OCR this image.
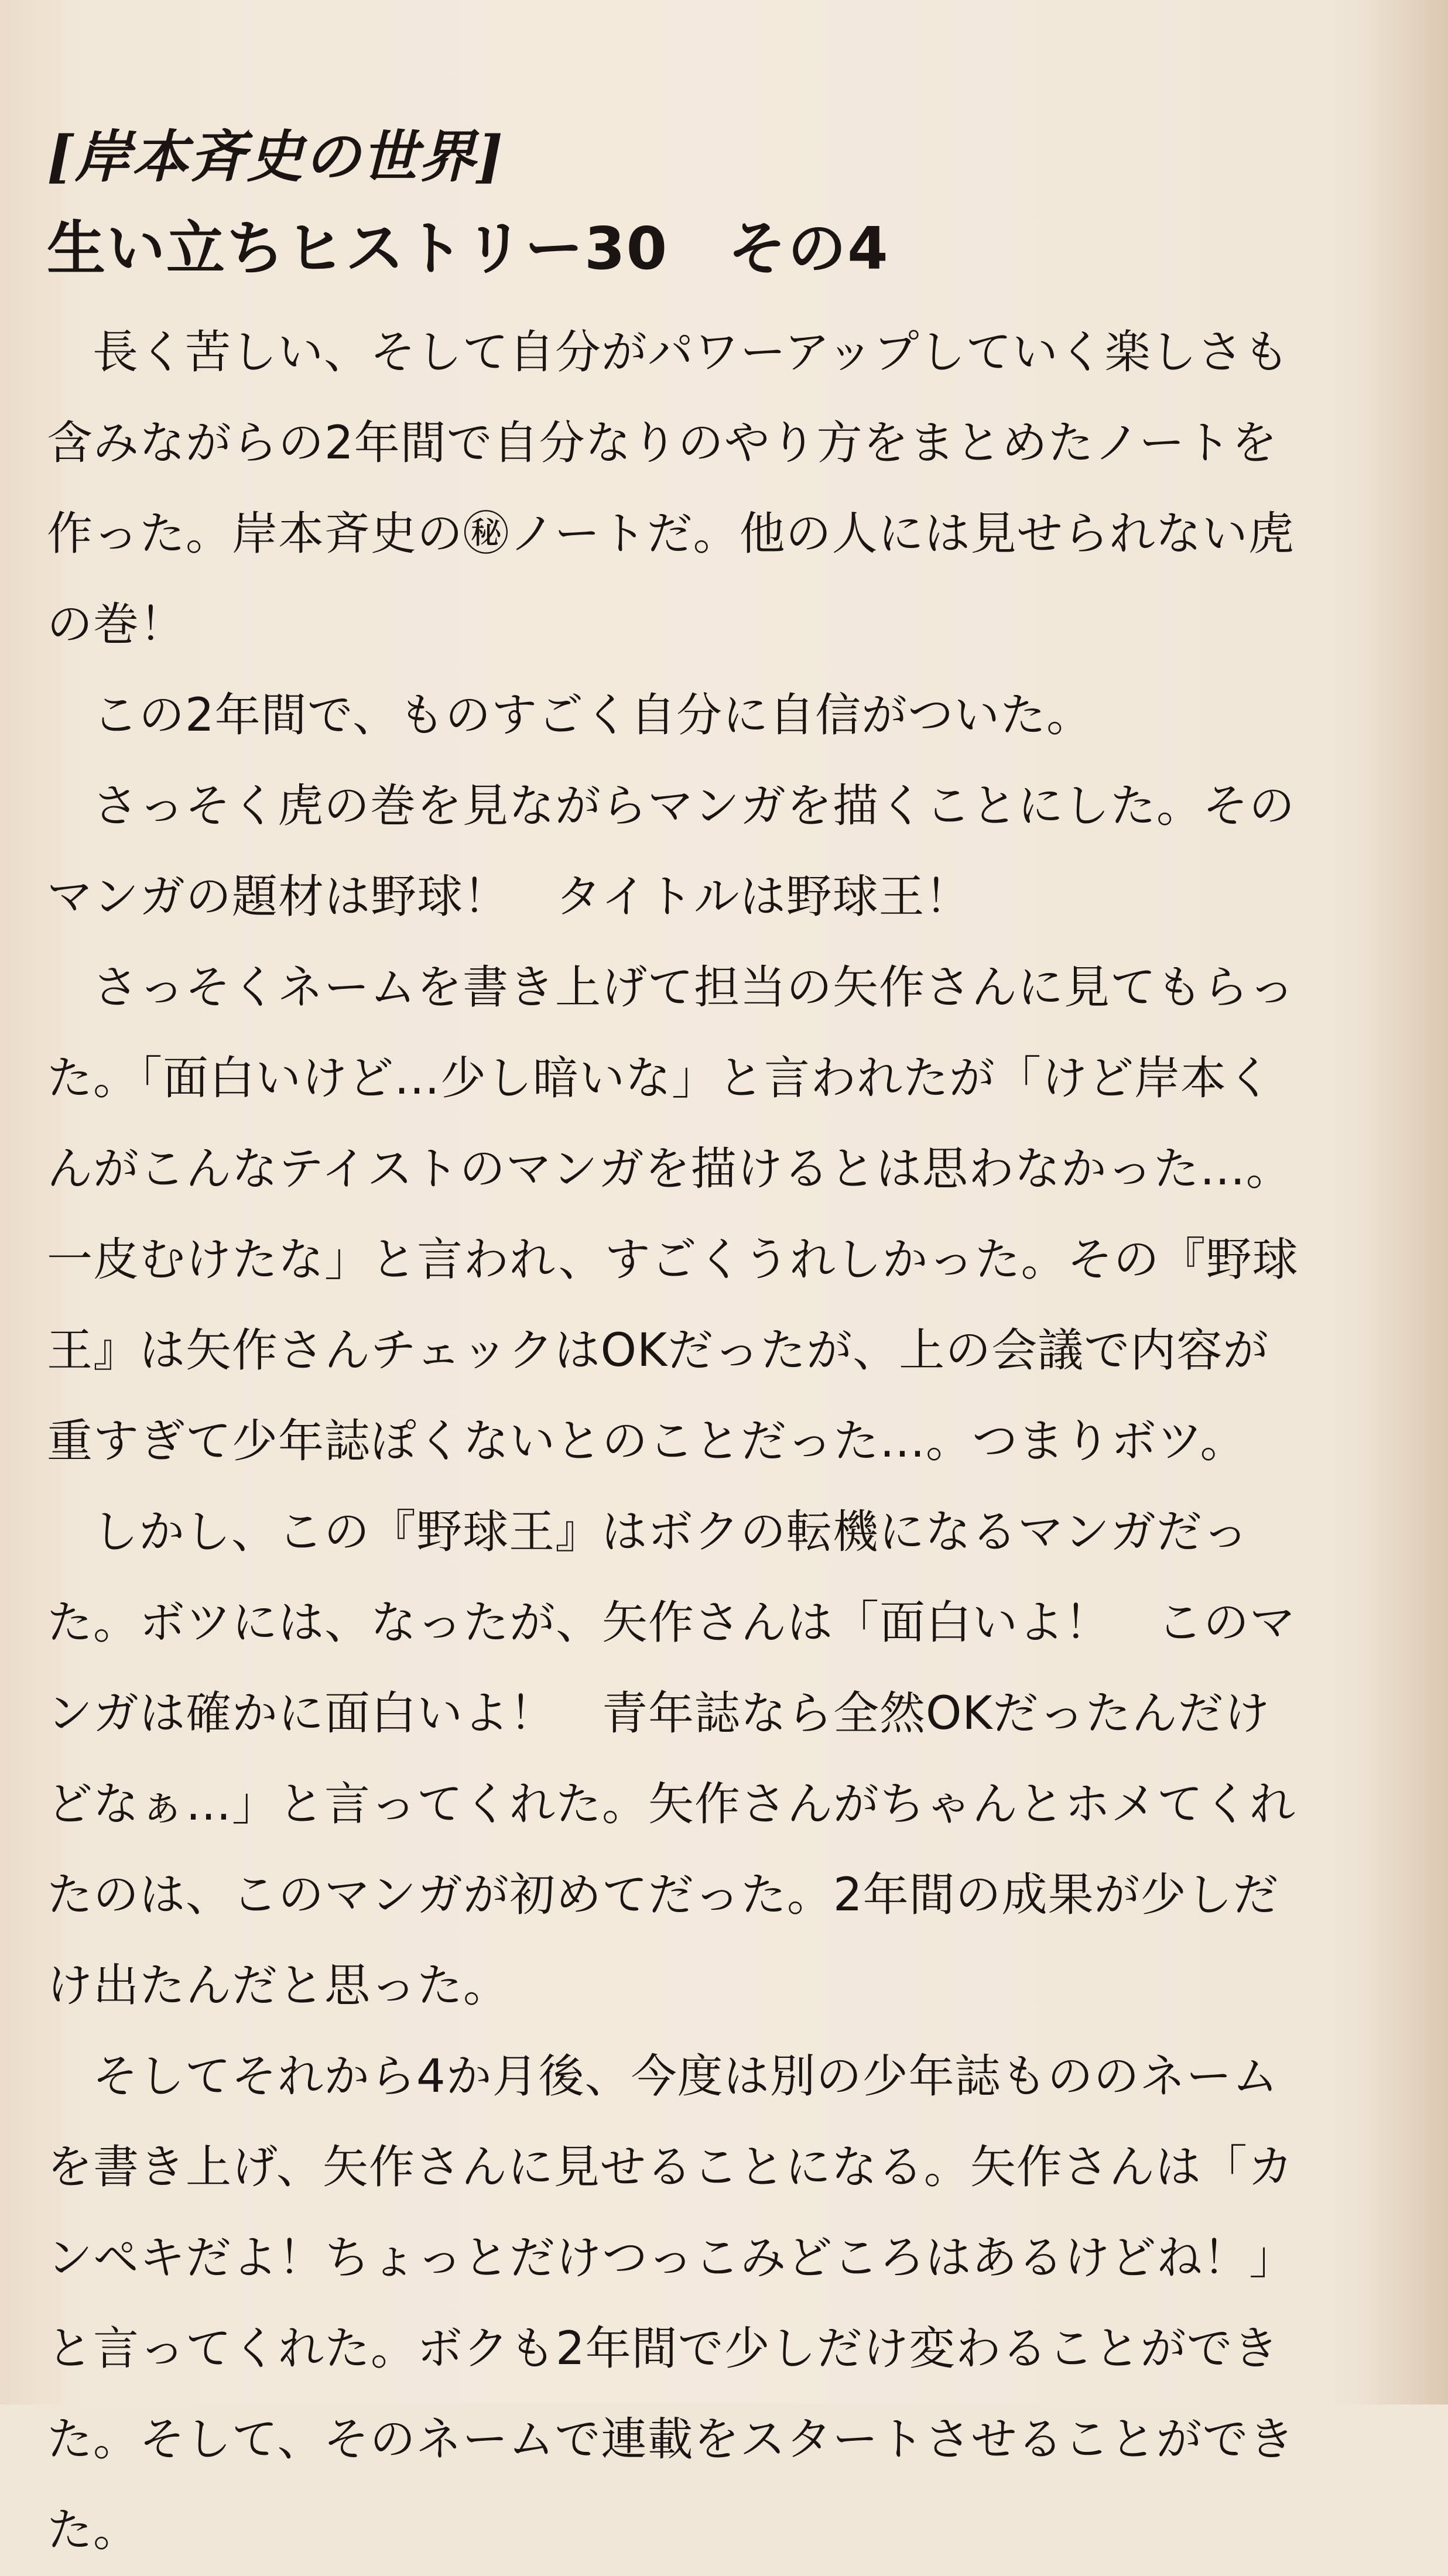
[岸本斉史の世界]
生い立ちヒストリー30　その4

長く苦しい、そして自分がパワーアップしていく楽しさも含みながらの2年間で自分なりのやり方をまとめたノートを作った。岸本斉史の㊙ノートだ。他の人には見せられない虎の巻！

この2年間で、ものすごく自分に自信がついた。

さっそく虎の巻を見ながらマンガを描くことにした。そのマンガの題材は野球！　タイトルは野球王！

さっそくネームを書き上げて担当の矢作さんに見てもらった。「面白いけど…少し暗いな」と言われたが「けど岸本くんがこんなテイストのマンガを描けるとは思わなかった…。一皮むけたな」と言われ、すごくうれしかった。その『野球王』は矢作さんチェックはOKだったが、上の会議で内容が重すぎて少年誌ぽくないとのことだった…。つまりボツ。

しかし、この『野球王』はボクの転機になるマンガだった。ボツには、なったが、矢作さんは「面白いよ！　このマンガは確かに面白いよ！　青年誌なら全然OKだったんだけどなぁ…」と言ってくれた。矢作さんがちゃんとホメてくれたのは、このマンガが初めてだった。2年間の成果が少しだけ出たんだと思った。

そしてそれから4か月後、今度は別の少年誌もののネームを書き上げ、矢作さんに見せることになる。矢作さんは「カンペキだよ！ちょっとだけつっこみどころはあるけどね！」と言ってくれた。ボクも2年間で少しだけ変わることができた。そして、そのネームで連載をスタートさせることができた。
